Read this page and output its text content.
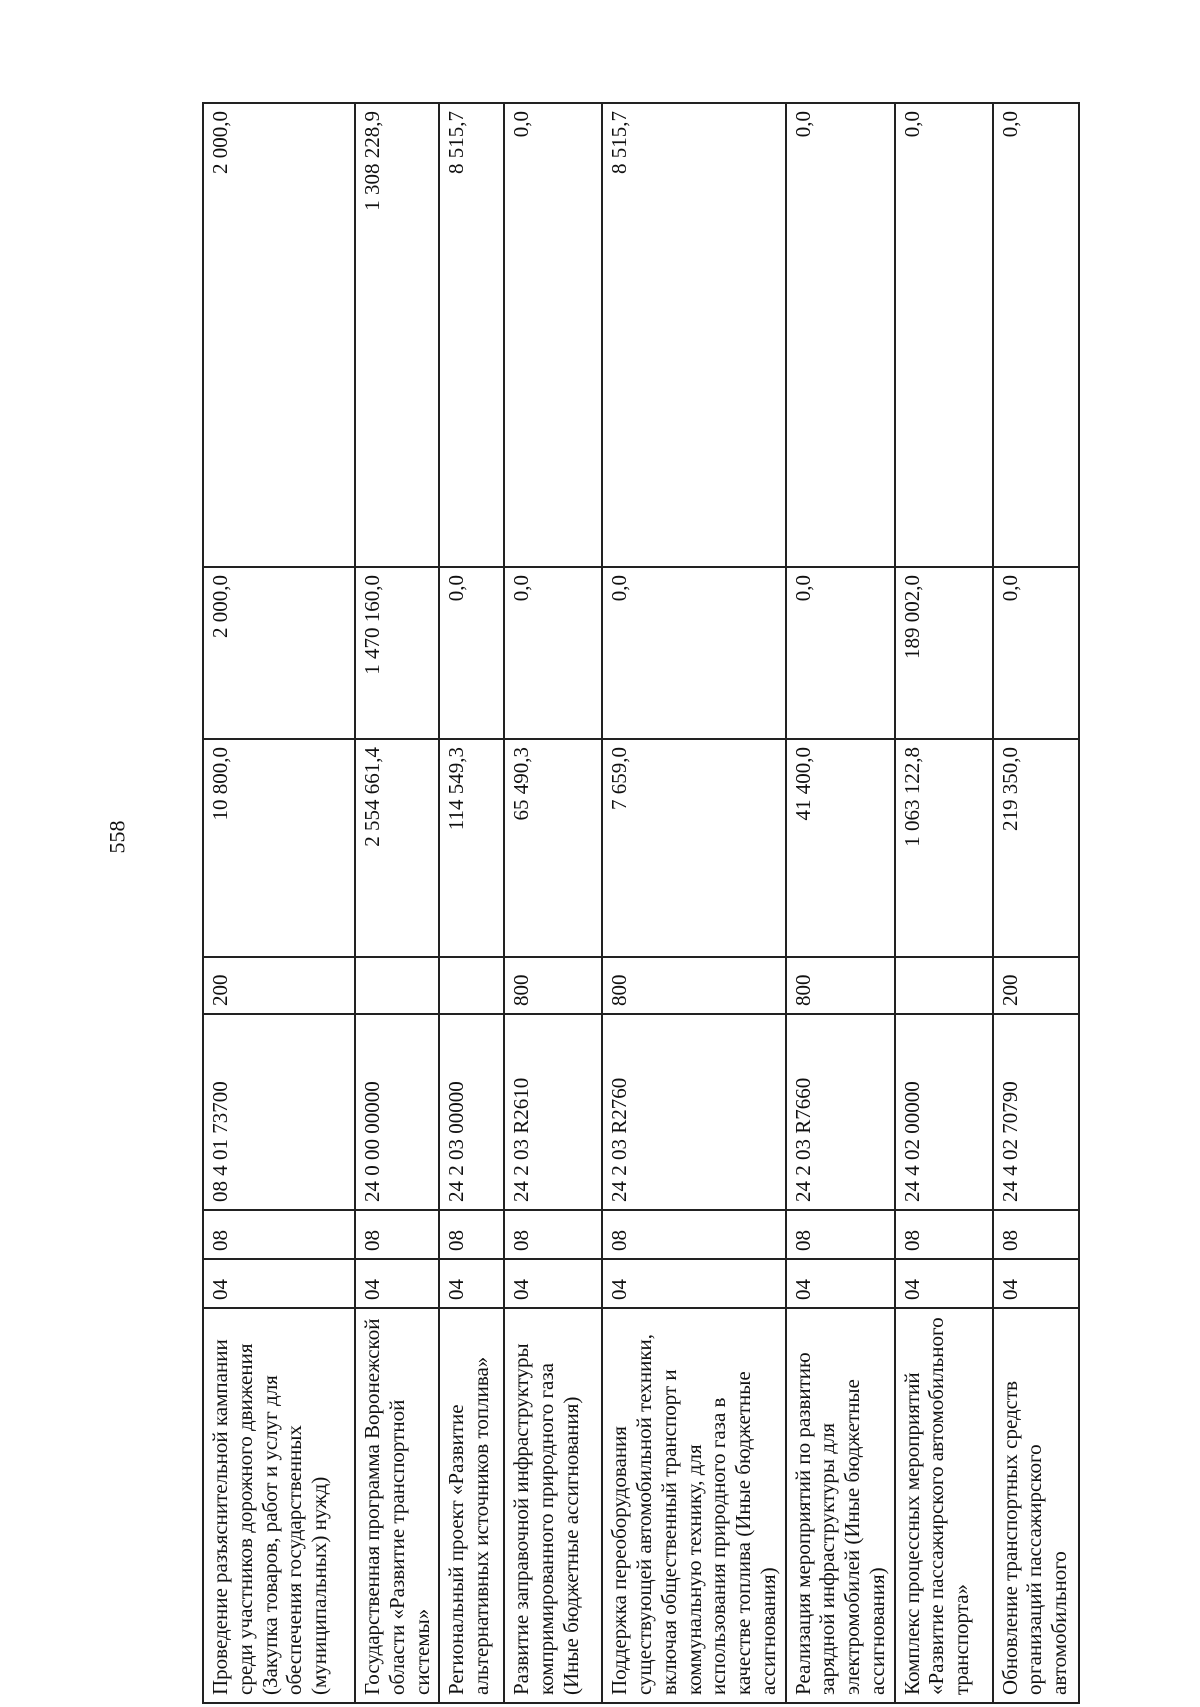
558
Проведение разъяснительной кампании среди участников дорожного движения (Закупка товаров, работ и услуг для обеспечения государственных (муниципальных) нужд)	04	08	08 4 01 73700	200	10 800,0	2 000,0	2 000,0
Государственная программа Воронежской области «Развитие транспортной системы»	04	08	24 0 00 00000		2 554 661,4	1 470 160,0	1 308 228,9
Региональный проект «Развитие альтернативных источников топлива»	04	08	24 2 03 00000		114 549,3	0,0	8 515,7
Развитие заправочной инфраструктуры компримированного природного газа (Иные бюджетные ассигнования)	04	08	24 2 03 R2610	800	65 490,3	0,0	0,0
Поддержка переоборудования существующей автомобильной техники, включая общественный транспорт и коммунальную технику, для использования природного газа в качестве топлива (Иные бюджетные ассигнования)	04	08	24 2 03 R2760	800	7 659,0	0,0	8 515,7
Реализация мероприятий по развитию зарядной инфраструктуры для электромобилей (Иные бюджетные ассигнования)	04	08	24 2 03 R7660	800	41 400,0	0,0	0,0
Комплекс процессных мероприятий «Развитие пассажирского автомобильного транспорта»	04	08	24 4 02 00000		1 063 122,8	189 002,0	0,0
Обновление транспортных средств организаций пассажирского автомобильного	04	08	24 4 02 70790	200	219 350,0	0,0	0,0
